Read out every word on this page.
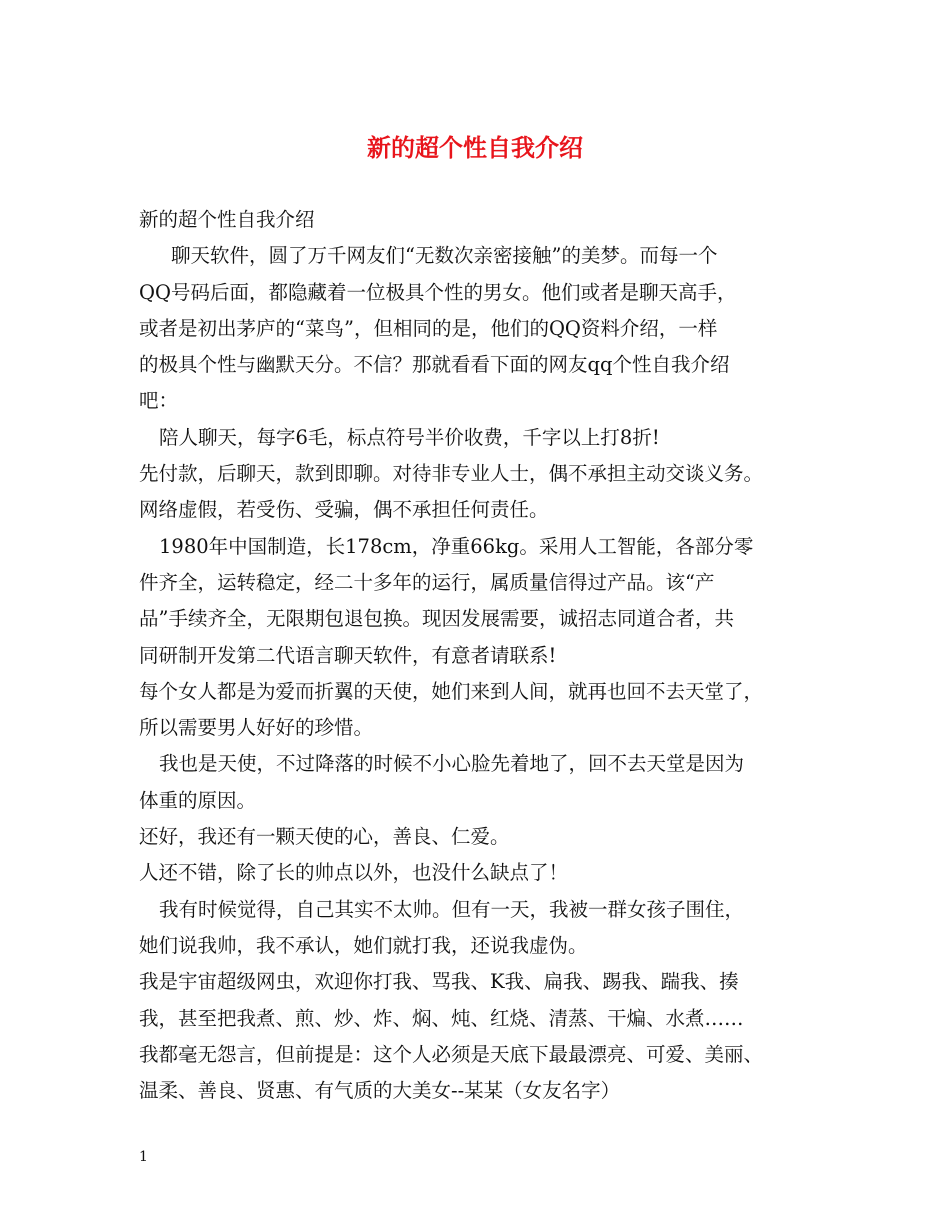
新的超个性自我介绍
新的超个性自我介绍
聊天软件，圆了万千网友们“无数次亲密接触”的美梦。而每一个
QQ号码后面，都隐藏着一位极具个性的男女。他们或者是聊天高手，
或者是初出茅庐的“菜鸟”，但相同的是，他们的QQ资料介绍，一样
的极具个性与幽默天分。不信？那就看看下面的网友qq个性自我介绍
吧：
陪人聊天，每字6毛，标点符号半价收费，千字以上打8折!
先付款，后聊天，款到即聊。对待非专业人士，偶不承担主动交谈义务。
网络虚假，若受伤、受骗，偶不承担任何责任。
1980年中国制造，长178cm，净重66kg。采用人工智能，各部分零
件齐全，运转稳定，经二十多年的运行，属质量信得过产品。该“产
品”手续齐全，无限期包退包换。现因发展需要，诚招志同道合者，共
同研制开发第二代语言聊天软件，有意者请联系!
每个女人都是为爱而折翼的天使，她们来到人间，就再也回不去天堂了，
所以需要男人好好的珍惜。
我也是天使，不过降落的时候不小心脸先着地了，回不去天堂是因为
体重的原因。
还好，我还有一颗天使的心，善良、仁爱。
人还不错，除了长的帅点以外，也没什么缺点了！
我有时候觉得，自己其实不太帅。但有一天，我被一群女孩子围住，
她们说我帅，我不承认，她们就打我，还说我虚伪。
我是宇宙超级网虫，欢迎你打我、骂我、K我、扁我、踢我、踹我、揍
我，甚至把我煮、煎、炒、炸、焖、炖、红烧、清蒸、干煸、水煮……
我都毫无怨言，但前提是：这个人必须是天底下最最漂亮、可爱、美丽、
温柔、善良、贤惠、有气质的大美女--某某（女友名字）
1
